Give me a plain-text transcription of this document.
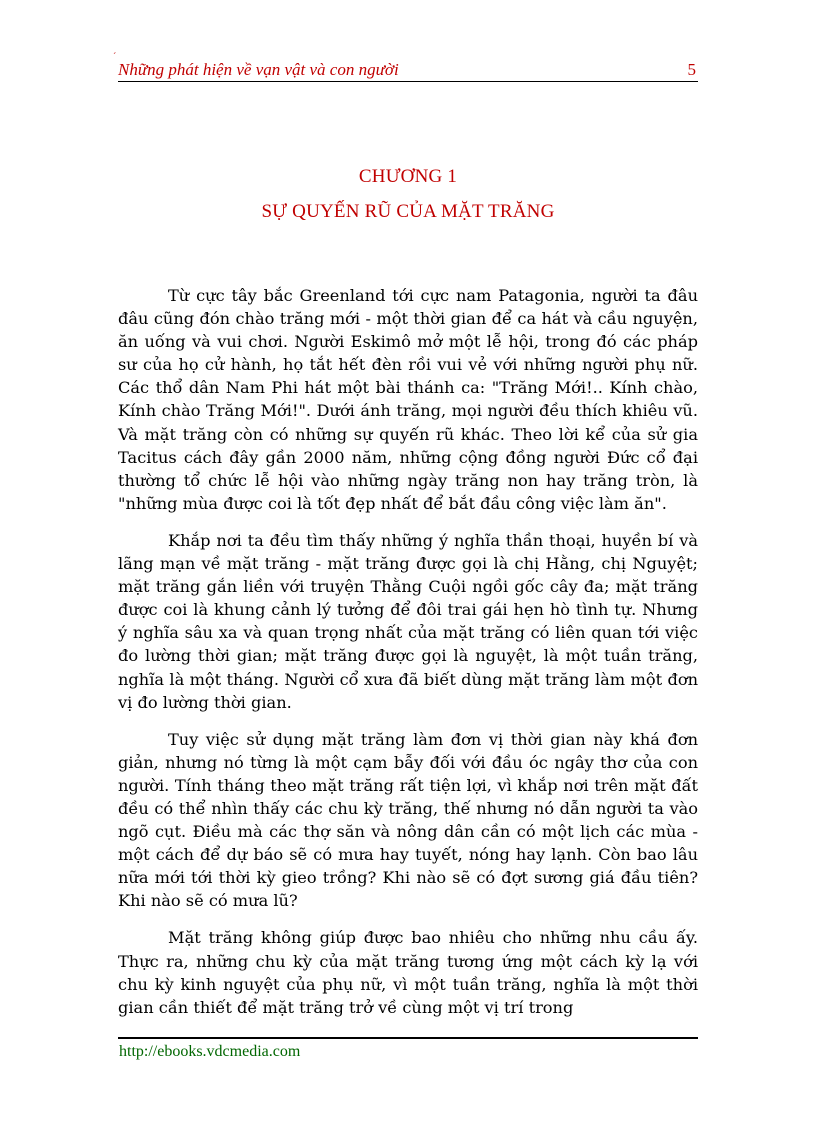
´
Những phát hiện về vạn vật và con người	5
CHƯƠNG 1
SỰ QUYẾN RŨ CỦA MẶT TRĂNG

Từ cực tây bắc Greenland tới cực nam Patagonia, người ta đâu đâu cũng đón chào trăng mới - một thời gian để ca hát và cầu nguyện, ăn uống và vui chơi. Người Eskimô mở một lễ hội, trong đó các pháp sư của họ cử hành, họ tắt hết đèn rồi vui vẻ với những người phụ nữ. Các thổ dân Nam Phi hát một bài thánh ca: "Trăng Mới!.. Kính chào, Kính chào Trăng Mới!". Dưới ánh trăng, mọi người đều thích khiêu vũ. Và mặt trăng còn có những sự quyến rũ khác. Theo lời kể của sử gia Tacitus cách đây gần 2000 năm, những cộng đồng người Đức cổ đại thường tổ chức lễ hội vào những ngày trăng non hay trăng tròn, là "những mùa được coi là tốt đẹp nhất để bắt đầu công việc làm ăn".

Khắp nơi ta đều tìm thấy những ý nghĩa thần thoại, huyền bí và lãng mạn về mặt trăng - mặt trăng được gọi là chị Hằng, chị Nguyệt; mặt trăng gắn liền với truyện Thằng Cuội ngồi gốc cây đa; mặt trăng được coi là khung cảnh lý tưởng để đôi trai gái hẹn hò tình tự. Nhưng ý nghĩa sâu xa và quan trọng nhất của mặt trăng có liên quan tới việc đo lường thời gian; mặt trăng được gọi là nguyệt, là một tuần trăng, nghĩa là một tháng. Người cổ xưa đã biết dùng mặt trăng làm một đơn vị đo lường thời gian.

Tuy việc sử dụng mặt trăng làm đơn vị thời gian này khá đơn giản, nhưng nó từng là một cạm bẫy đối với đầu óc ngây thơ của con người. Tính tháng theo mặt trăng rất tiện lợi, vì khắp nơi trên mặt đất đều có thể nhìn thấy các chu kỳ trăng, thế nhưng nó dẫn người ta vào ngõ cụt. Điều mà các thợ săn và nông dân cần có một lịch các mùa - một cách để dự báo sẽ có mưa hay tuyết, nóng hay lạnh. Còn bao lâu nữa mới tới thời kỳ gieo trồng? Khi nào sẽ có đợt sương giá đầu tiên? Khi nào sẽ có mưa lũ?

Mặt trăng không giúp được bao nhiêu cho những nhu cầu ấy. Thực ra, những chu kỳ của mặt trăng tương ứng một cách kỳ lạ với chu kỳ kinh nguyệt của phụ nữ, vì một tuần trăng, nghĩa là một thời gian cần thiết để mặt trăng trở về cùng một vị trí trong

http://ebooks.vdcmedia.com
